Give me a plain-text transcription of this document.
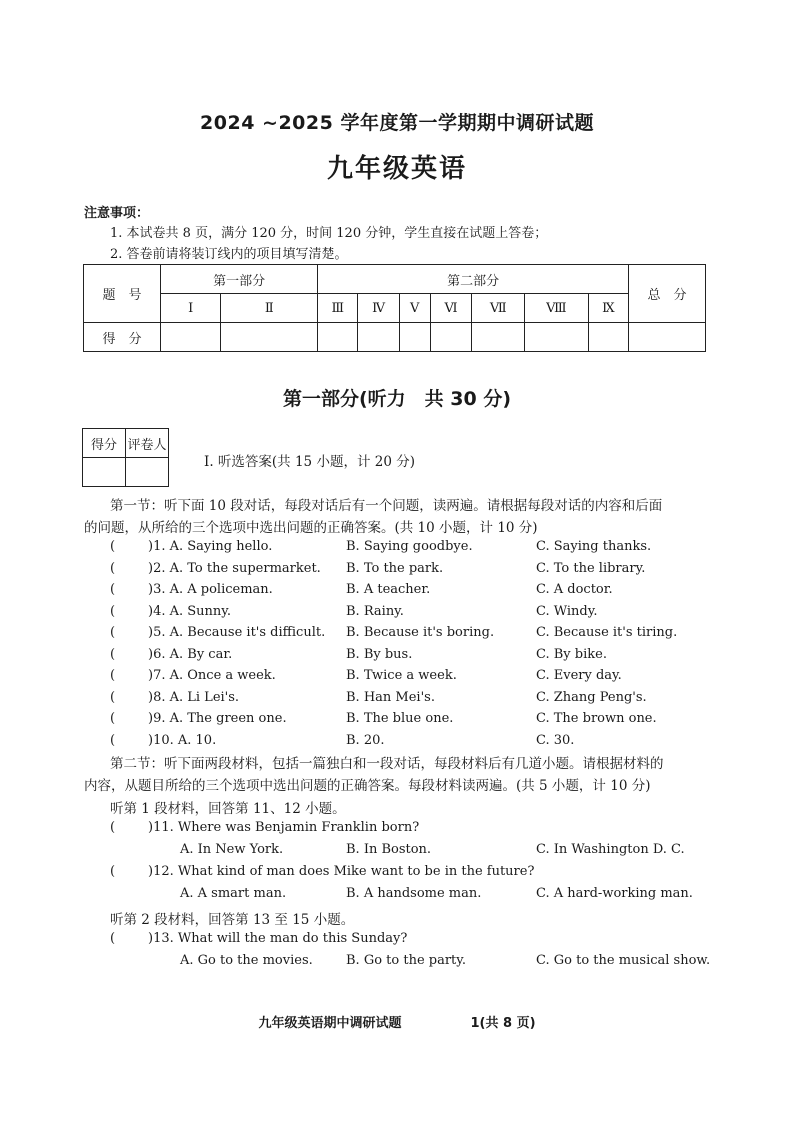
2024 ~2025 学年度第一学期期中调研试题
九年级英语
注意事项：
1. 本试卷共 8 页，满分 120 分，时间 120 分钟，学生直接在试题上答卷；
2. 答卷前请将装订线内的项目填写清楚。
题　号	第一部分		第二部分							总　分
	Ⅰ	Ⅱ	Ⅲ	Ⅳ	Ⅴ	Ⅵ	Ⅶ	Ⅷ	Ⅸ	
得　分										
第一部分(听力　共 30 分)
得分	评卷人

Ⅰ. 听选答案(共 15 小题，计 20 分)
第一节：听下面 10 段对话，每段对话后有一个问题，读两遍。请根据每段对话的内容和后面
的问题，从所给的三个选项中选出问题的正确答案。(共 10 小题，计 10 分)
(	)1. A. Saying hello.	B. Saying goodbye.	C. Saying thanks.
(	)2. A. To the supermarket. B. To the park.	C. To the library.
(	)3. A. A policeman.	B. A teacher.	C. A doctor.
(	)4. A. Sunny.	B. Rainy.	C. Windy.
(	)5. A. Because it's difficult. B. Because it's boring.	C. Because it's tiring.
(	)6. A. By car.	B. By bus.	C. By bike.
(	)7. A. Once a week.	B. Twice a week.	C. Every day.
(	)8. A. Li Lei's.	B. Han Mei's.	C. Zhang Peng's.
(	)9. A. The green one.	B. The blue one.	C. The brown one.
(	)10. A. 10.	B. 20.	C. 30.
第二节：听下面两段材料，包括一篇独白和一段对话，每段材料后有几道小题。请根据材料的
内容，从题目所给的三个选项中选出问题的正确答案。每段材料读两遍。(共 5 小题，计 10 分)
听第 1 段材料，回答第 11、12 小题。
(	)11. Where was Benjamin Franklin born?
A. In New York.	B. In Boston.	C. In Washington D. C.
(	)12. What kind of man does Mike want to be in the future?
A. A smart man.	B. A handsome man.	C. A hard-working man.
听第 2 段材料，回答第 13 至 15 小题。
(	)13. What will the man do this Sunday?
A. Go to the movies.	B. Go to the party.	C. Go to the musical show.
九年级英语期中调研试题	1(共 8 页)
